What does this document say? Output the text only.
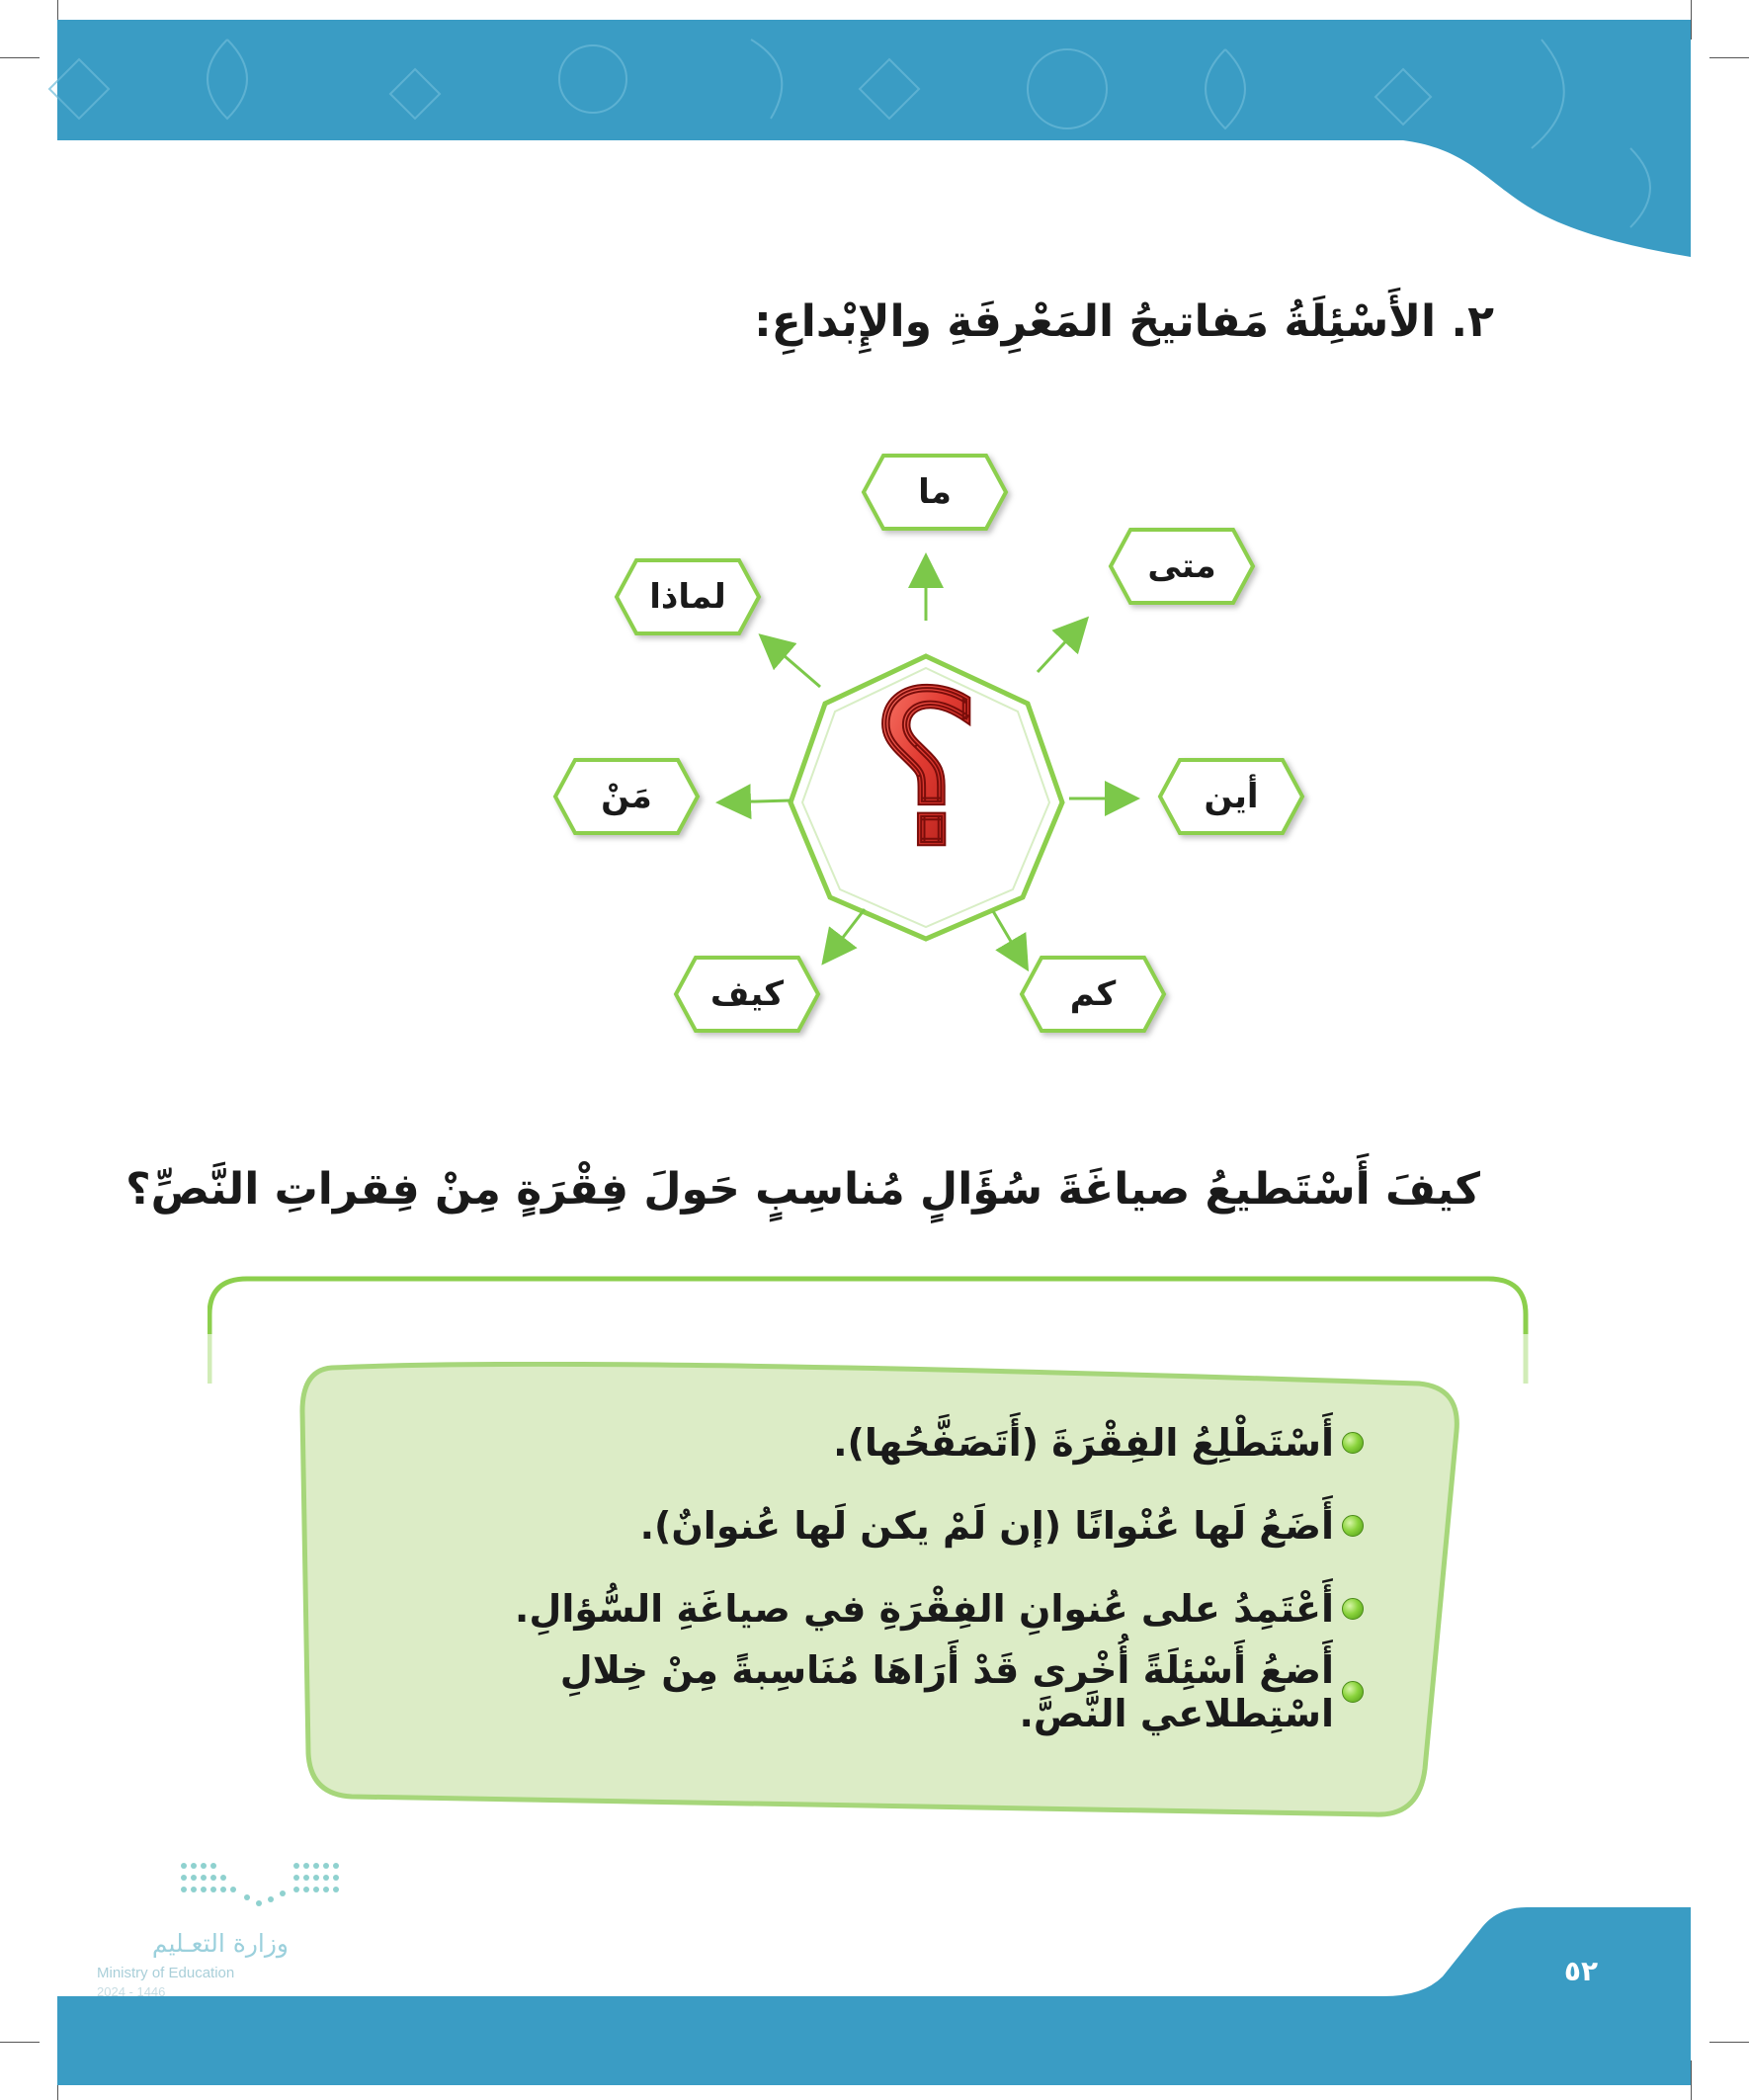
٢. الأَسْئِلَةُ مَفاتيحُ المَعْرِفَةِ والإِبْداعِ:
؟
ما
متى
أين
كم
كيف
مَنْ
لماذا
كيفَ أَسْتَطيعُ صياغَةَ سُؤَالٍ مُناسِبٍ حَولَ فِقْرَةٍ مِنْ فِقراتِ النَّصِّ؟
أَسْتَطْلِعُ الفِقْرَةَ (أَتَصَفَّحُها).
أَضَعُ لَها عُنْوانًا (إن لَمْ يكن لَها عُنوانٌ).
أَعْتَمِدُ على عُنوانِ الفِقْرَةِ في صياغَةِ السُّؤالِ.
أَضعُ أَسْئِلَةً أُخْرى قَدْ أَرَاهَا مُنَاسِبةً مِنْ خِلالِ اسْتِطلاعي النَّصَّ.
٥٢
وزارة التعـليم
Ministry of Education
2024 - 1446
